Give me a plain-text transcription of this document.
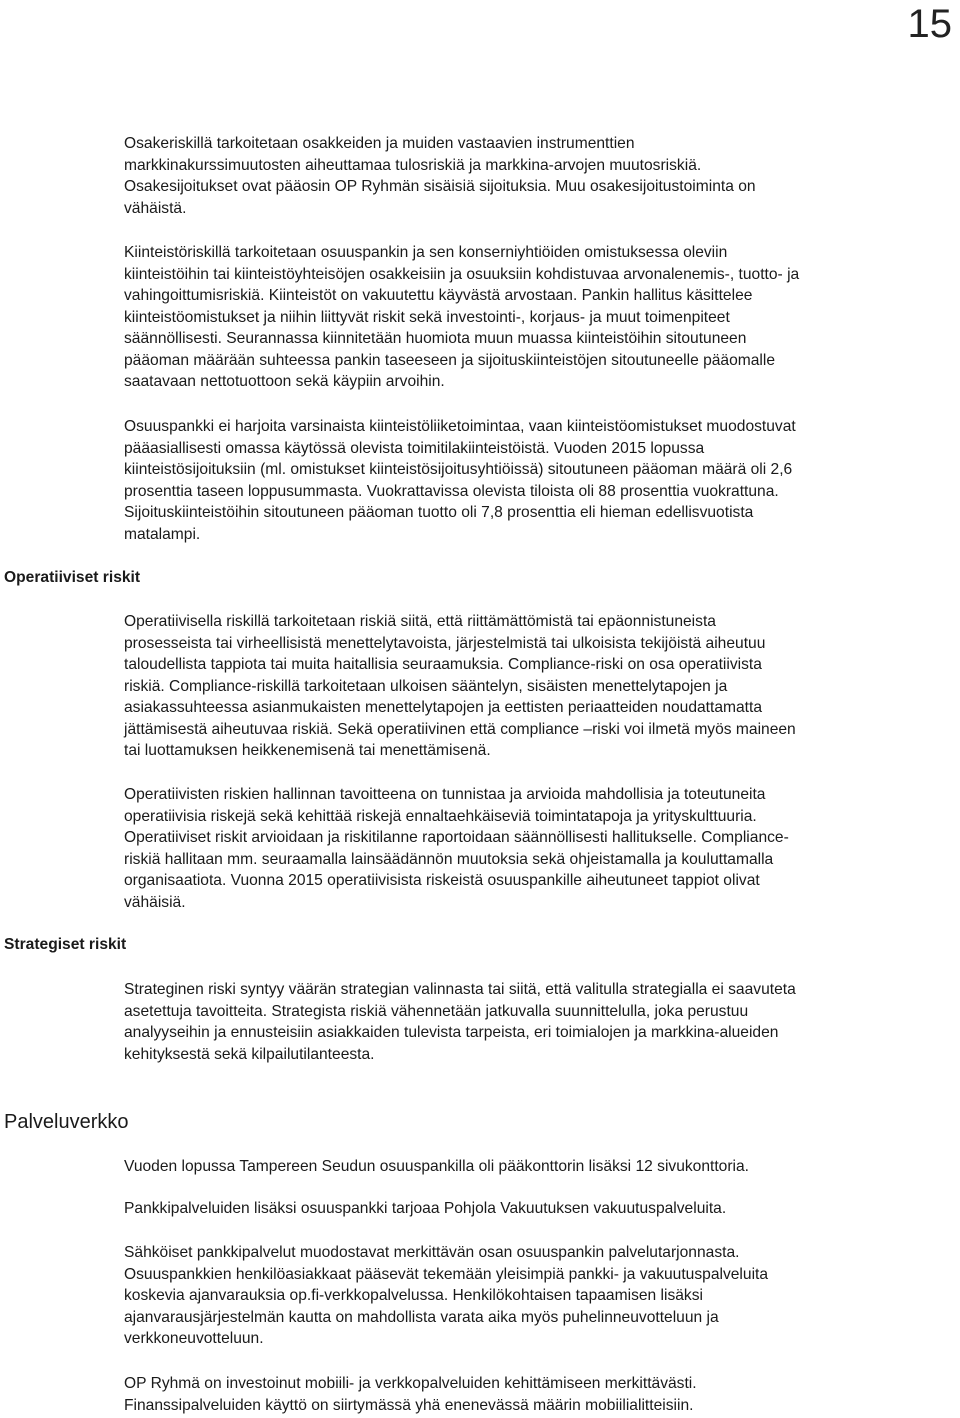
15

Osakeriskillä tarkoitetaan osakkeiden ja muiden vastaavien instrumenttien
markkinakurssimuutosten aiheuttamaa tulosriskiä ja markkina-arvojen muutosriskiä.
Osakesijoitukset ovat pääosin OP Ryhmän sisäisiä sijoituksia. Muu osakesijoitustoiminta on
vähäistä.

Kiinteistöriskillä tarkoitetaan osuuspankin ja sen konserniyhtiöiden omistuksessa oleviin
kiinteistöihin tai kiinteistöyhteisöjen osakkeisiin ja osuuksiin kohdistuvaa arvonalenemis-, tuotto- ja
vahingoittumisriskiä. Kiinteistöt on vakuutettu käyvästä arvostaan. Pankin hallitus käsittelee
kiinteistöomistukset ja niihin liittyvät riskit sekä investointi-, korjaus- ja muut toimenpiteet
säännöllisesti. Seurannassa kiinnitetään huomiota muun muassa kiinteistöihin sitoutuneen
pääoman määrään suhteessa pankin taseeseen ja sijoituskiinteistöjen sitoutuneelle pääomalle
saatavaan nettotuottoon sekä käypiin arvoihin.

Osuuspankki ei harjoita varsinaista kiinteistöliiketoimintaa, vaan kiinteistöomistukset muodostuvat
pääasiallisesti omassa käytössä olevista toimitilakiinteistöistä. Vuoden 2015 lopussa
kiinteistösijoituksiin (ml. omistukset kiinteistösijoitusyhtiöissä) sitoutuneen pääoman määrä oli 2,6
prosenttia taseen loppusummasta. Vuokrattavissa olevista tiloista oli 88 prosenttia vuokrattuna.
Sijoituskiinteistöihin sitoutuneen pääoman tuotto oli 7,8 prosenttia eli hieman edellisvuotista
matalampi.

Operatiiviset riskit

Operatiivisella riskillä tarkoitetaan riskiä siitä, että riittämättömistä tai epäonnistuneista
prosesseista tai virheellisistä menettelytavoista, järjestelmistä tai ulkoisista tekijöistä aiheutuu
taloudellista tappiota tai muita haitallisia seuraamuksia. Compliance-riski on osa operatiivista
riskiä. Compliance-riskillä tarkoitetaan ulkoisen sääntelyn, sisäisten menettelytapojen ja
asiakassuhteessa asianmukaisten menettelytapojen ja eettisten periaatteiden noudattamatta
jättämisestä aiheutuvaa riskiä. Sekä operatiivinen että compliance –riski voi ilmetä myös maineen
tai luottamuksen heikkenemisenä tai menettämisenä.

Operatiivisten riskien hallinnan tavoitteena on tunnistaa ja arvioida mahdollisia ja toteutuneita
operatiivisia riskejä sekä kehittää riskejä ennaltaehkäiseviä toimintatapoja ja yrityskulttuuria.
Operatiiviset riskit arvioidaan ja riskitilanne raportoidaan säännöllisesti hallitukselle. Compliance-
riskiä hallitaan mm. seuraamalla lainsäädännön muutoksia sekä ohjeistamalla ja kouluttamalla
organisaatiota. Vuonna 2015 operatiivisista riskeistä osuuspankille aiheutuneet tappiot olivat
vähäisiä.

Strategiset riskit

Strateginen riski syntyy väärän strategian valinnasta tai siitä, että valitulla strategialla ei saavuteta
asetettuja tavoitteita. Strategista riskiä vähennetään jatkuvalla suunnittelulla, joka perustuu
analyyseihin ja ennusteisiin asiakkaiden tulevista tarpeista, eri toimialojen ja markkina-alueiden
kehityksestä sekä kilpailutilanteesta.

Palveluverkko

Vuoden lopussa Tampereen Seudun osuuspankilla oli pääkonttorin lisäksi 12 sivukonttoria.

Pankkipalveluiden lisäksi osuuspankki tarjoaa Pohjola Vakuutuksen vakuutuspalveluita.

Sähköiset pankkipalvelut muodostavat merkittävän osan osuuspankin palvelutarjonnasta.
Osuuspankkien henkilöasiakkaat pääsevät tekemään yleisimpiä pankki- ja vakuutuspalveluita
koskevia ajanvarauksia op.fi-verkkopalvelussa. Henkilökohtaisen tapaamisen lisäksi
ajanvarausjärjestelmän kautta on mahdollista varata aika myös puhelinneuvotteluun ja
verkkoneuvotteluun.

OP Ryhmä on investoinut mobiili- ja verkkopalveluiden kehittämiseen merkittävästi.
Finanssipalveluiden käyttö on siirtymässä yhä enenevässä määrin mobiilialitteisiin.
